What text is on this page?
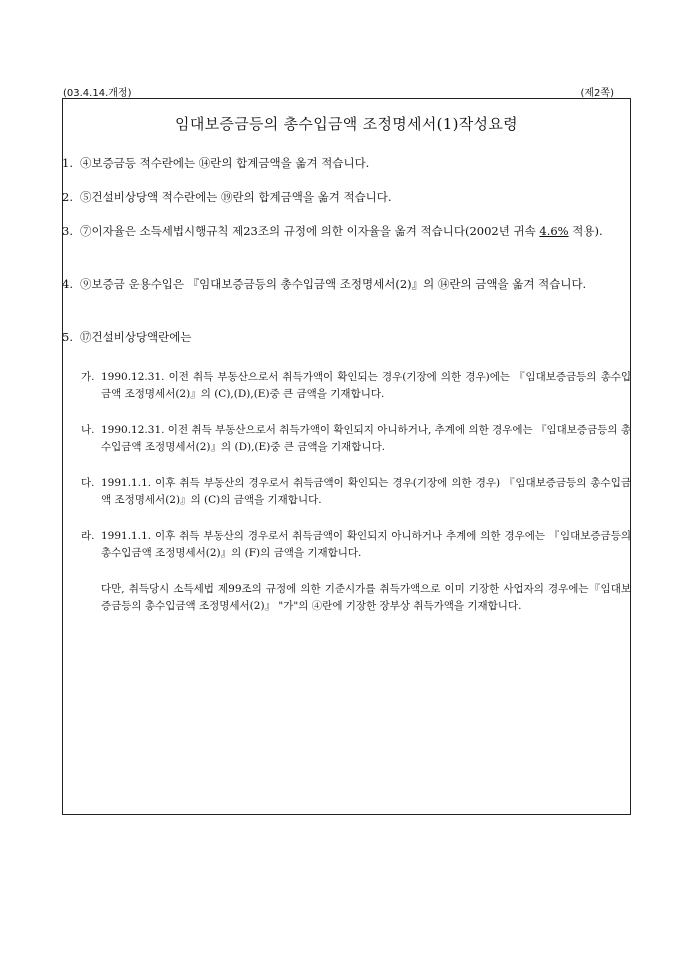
(03.4.14.개정)	(제2쪽)
임대보증금등의 총수입금액 조정명세서(1)작성요령
1. ④보증금등 적수란에는 ⑭란의 합계금액을 옮겨 적습니다.
2. ⑤건설비상당액 적수란에는 ⑲란의 합계금액을 옮겨 적습니다.
3. ⑦이자율은 소득세법시행규칙 제23조의 규정에 의한 이자율을 옮겨 적습니다(2002년 귀속 4.6% 적용).
4. ⑨보증금 운용수입은 『임대보증금등의 총수입금액 조정명세서(2)』의 ⑭란의 금액을 옮겨 적습니다.
5. ⑰건설비상당액란에는
가. 1990.12.31. 이전 취득 부동산으로서 취득가액이 확인되는 경우(기장에 의한 경우)에는 『임대보증금등의 총수입금액 조정명세서(2)』의 (C),(D),(E)중 큰 금액을 기재합니다.
나. 1990.12.31. 이전 취득 부동산으로서 취득가액이 확인되지 아니하거나, 추계에 의한 경우에는 『임대보증금등의 총수입금액 조정명세서(2)』의 (D),(E)중 큰 금액을 기재합니다.
다. 1991.1.1. 이후 취득 부동산의 경우로서 취득금액이 확인되는 경우(기장에 의한 경우) 『임대보증금등의 총수입금액 조정명세서(2)』의 (C)의 금액을 기재합니다.
라. 1991.1.1. 이후 취득 부동산의 경우로서 취득금액이 확인되지 아니하거나 추계에 의한 경우에는 『임대보증금등의 총수입금액 조정명세서(2)』의 (F)의 금액을 기재합니다.
다만, 취득당시 소득세법 제99조의 규정에 의한 기준시가를 취득가액으로 이미 기장한 사업자의 경우에는『임대보증금등의 총수입금액 조정명세서(2)』 "가"의 ④란에 기장한 장부상 취득가액을 기재합니다.
